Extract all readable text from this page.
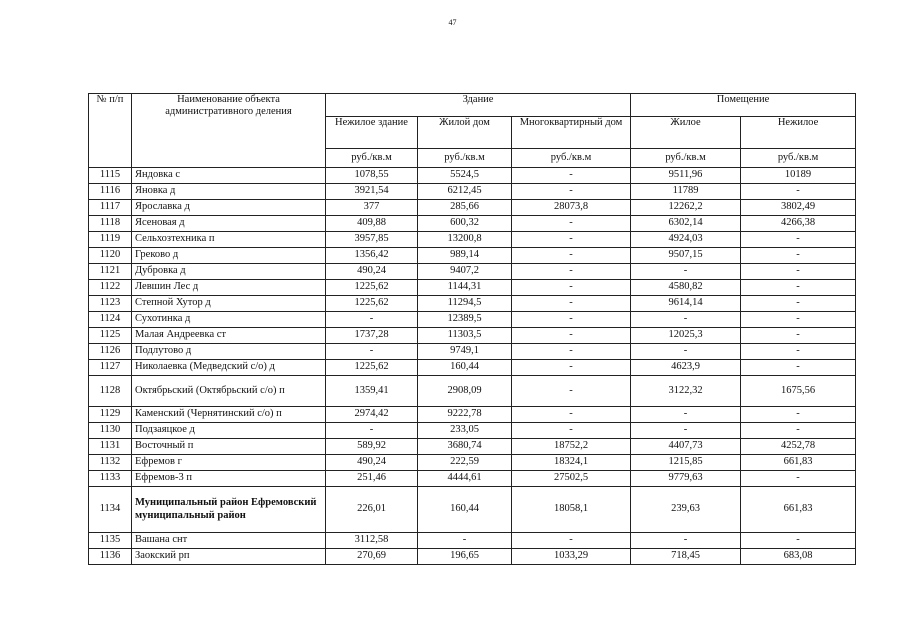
47
№ п/п	Наименование объекта административного деления	Здание			Помещение	
		Нежилое здание	Жилой дом	Многоквартирный дом	Жилое	Нежилое
		руб./кв.м	руб./кв.м	руб./кв.м	руб./кв.м	руб./кв.м
1115	Яндовка с	1078,55	5524,5	-	9511,96	10189
1116	Яновка д	3921,54	6212,45	-	11789	-
1117	Ярославка д	377	285,66	28073,8	12262,2	3802,49
1118	Ясеновая д	409,88	600,32	-	6302,14	4266,38
1119	Сельхозтехника п	3957,85	13200,8	-	4924,03	-
1120	Греково д	1356,42	989,14	-	9507,15	-
1121	Дубровка д	490,24	9407,2	-	-	-
1122	Левшин Лес д	1225,62	1144,31	-	4580,82	-
1123	Степной Хутор д	1225,62	11294,5	-	9614,14	-
1124	Сухотинка д	-	12389,5	-	-	-
1125	Малая Андреевка ст	1737,28	11303,5	-	12025,3	-
1126	Подлутово д	-	9749,1	-	-	-
1127	Николаевка (Медведский с/о) д	1225,62	160,44	-	4623,9	-
1128	Октябрьский (Октябрьский с/о) п	1359,41	2908,09	-	3122,32	1675,56
1129	Каменский (Чернятинский с/о) п	2974,42	9222,78	-	-	-
1130	Подзаяцкое д	-	233,05	-	-	-
1131	Восточный п	589,92	3680,74	18752,2	4407,73	4252,78
1132	Ефремов г	490,24	222,59	18324,1	1215,85	661,83
1133	Ефремов-3 п	251,46	4444,61	27502,5	9779,63	-
1134	Муниципальный район Ефремовский муниципальный район	226,01	160,44	18058,1	239,63	661,83
1135	Вашана снт	3112,58	-	-	-	-
1136	Заокский рп	270,69	196,65	1033,29	718,45	683,08
